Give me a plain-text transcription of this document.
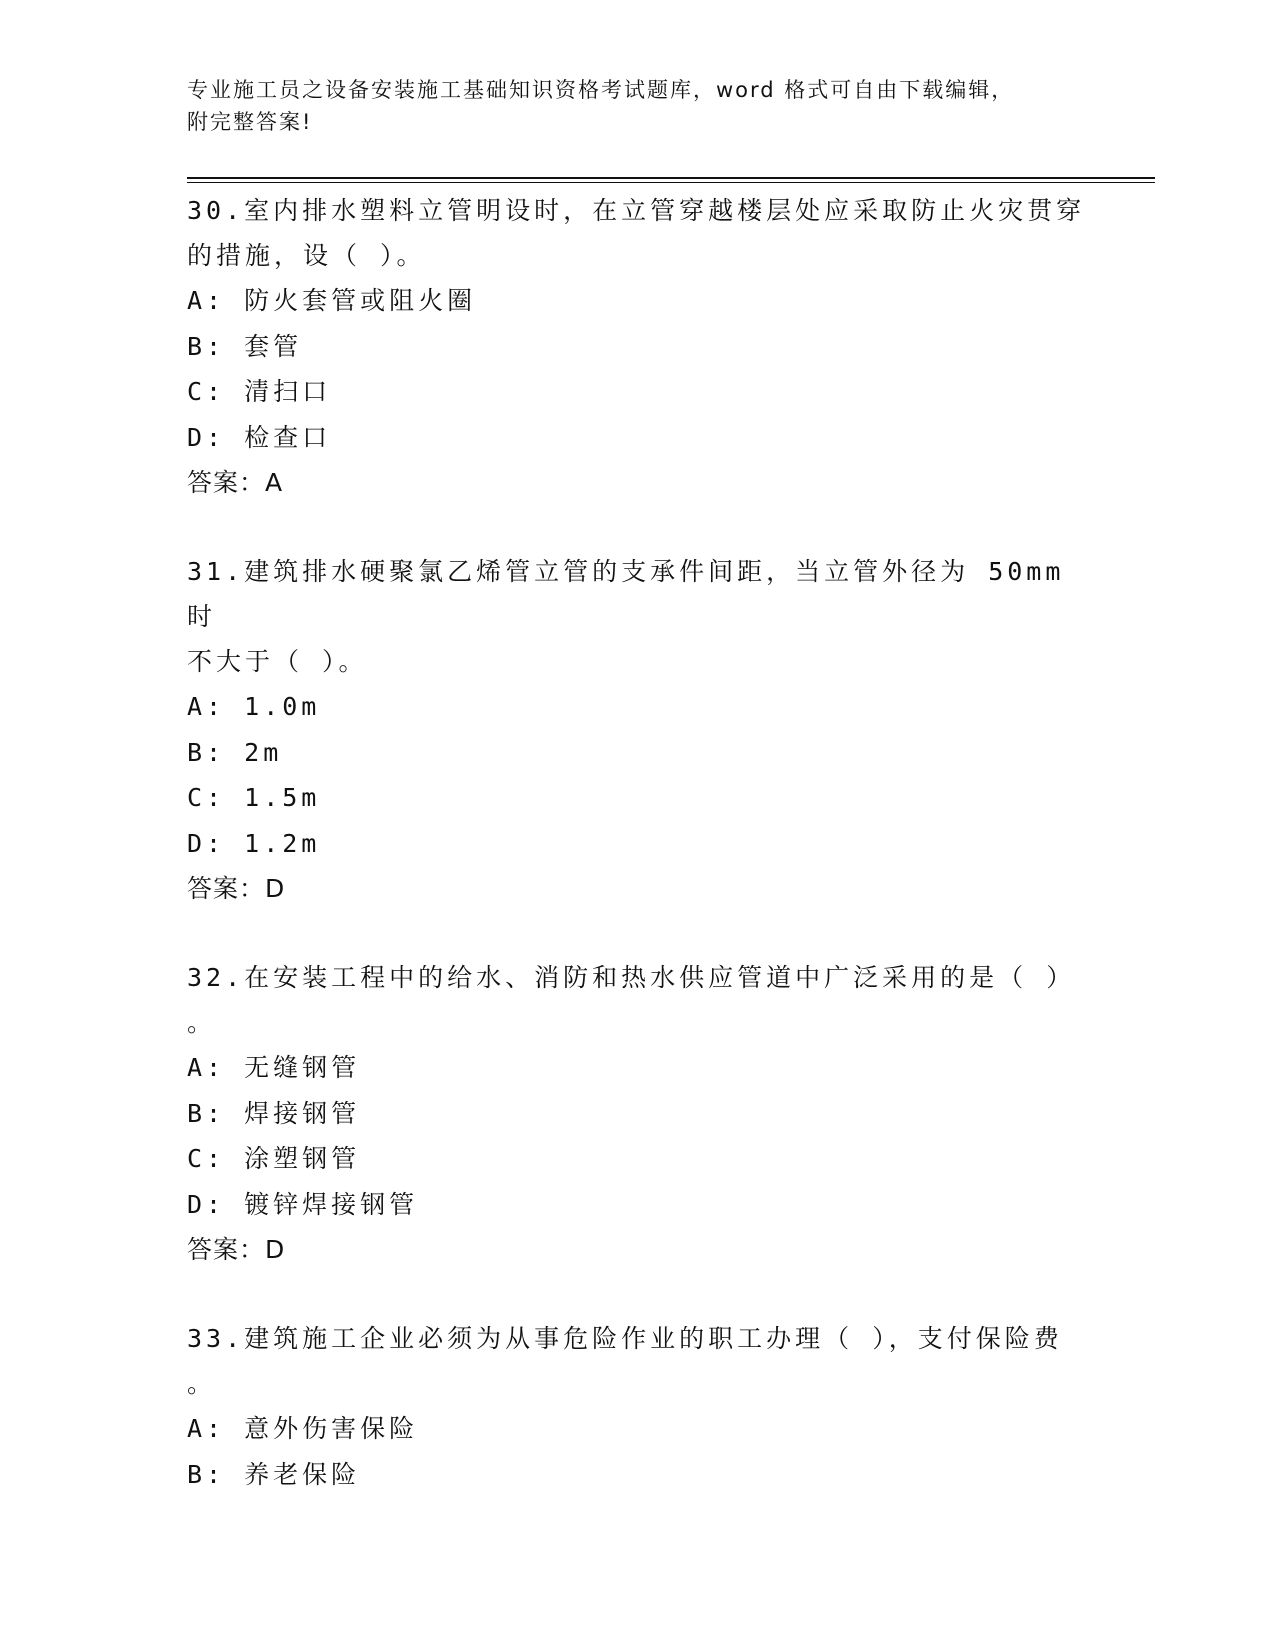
专业施工员之设备安装施工基础知识资格考试题库，word 格式可自由下载编辑，
附完整答案!
30.室内排水塑料立管明设时，在立管穿越楼层处应采取防止火灾贯穿
的措施，设（ ）。
A: 防火套管或阻火圈
B: 套管
C: 清扫口
D: 检查口
答案：A
31.建筑排水硬聚氯乙烯管立管的支承件间距，当立管外径为 50mm 时
不大于（ ）。
A: 1.0m
B: 2m
C: 1.5m
D: 1.2m
答案：D
32.在安装工程中的给水、消防和热水供应管道中广泛采用的是（ ）
。
A: 无缝钢管
B: 焊接钢管
C: 涂塑钢管
D: 镀锌焊接钢管
答案：D
33.建筑施工企业必须为从事危险作业的职工办理（ ），支付保险费
。
A: 意外伤害保险
B: 养老保险
